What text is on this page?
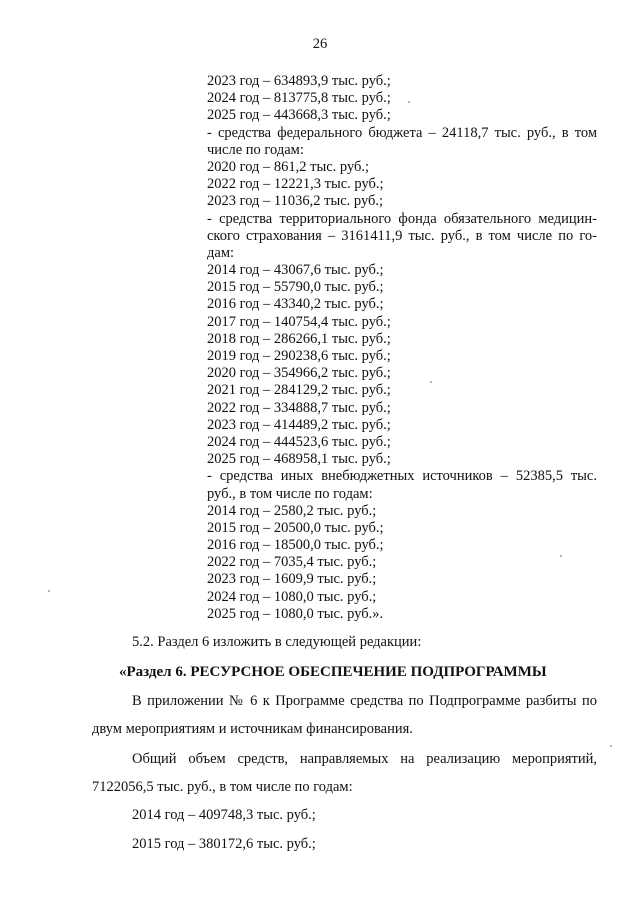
26
2023 год – 634893,9 тыс. руб.;
2024 год – 813775,8 тыс. руб.;
2025 год – 443668,3 тыс. руб.;
- средства федерального бюджета – 24118,7 тыс. руб., в том
числе по годам:
2020 год – 861,2 тыс. руб.;
2022 год – 12221,3 тыс. руб.;
2023 год – 11036,2 тыс. руб.;
- средства территориального фонда обязательного медицин-
ского страхования – 3161411,9 тыс. руб., в том числе по го-
дам:
2014 год – 43067,6 тыс. руб.;
2015 год – 55790,0 тыс. руб.;
2016 год – 43340,2 тыс. руб.;
2017 год – 140754,4 тыс. руб.;
2018 год – 286266,1 тыс. руб.;
2019 год – 290238,6 тыс. руб.;
2020 год – 354966,2 тыс. руб.;
2021 год – 284129,2 тыс. руб.;
2022 год – 334888,7 тыс. руб.;
2023 год – 414489,2 тыс. руб.;
2024 год – 444523,6 тыс. руб.;
2025 год – 468958,1 тыс. руб.;
- средства иных внебюджетных источников – 52385,5 тыс.
руб., в том числе по годам:
2014 год – 2580,2 тыс. руб.;
2015 год – 20500,0 тыс. руб.;
2016 год – 18500,0 тыс. руб.;
2022 год – 7035,4 тыс. руб.;
2023 год – 1609,9 тыс. руб.;
2024 год – 1080,0 тыс. руб.;
2025 год – 1080,0 тыс. руб.».
5.2. Раздел 6 изложить в следующей редакции:
«Раздел 6. РЕСУРСНОЕ ОБЕСПЕЧЕНИЕ ПОДПРОГРАММЫ
В приложении № 6 к Программе средства по Подпрограмме разбиты по
двум мероприятиям и источникам финансирования.
Общий объем средств, направляемых на реализацию мероприятий,
7122056,5 тыс. руб., в том числе по годам:
2014 год – 409748,3 тыс. руб.;
2015 год – 380172,6 тыс. руб.;
